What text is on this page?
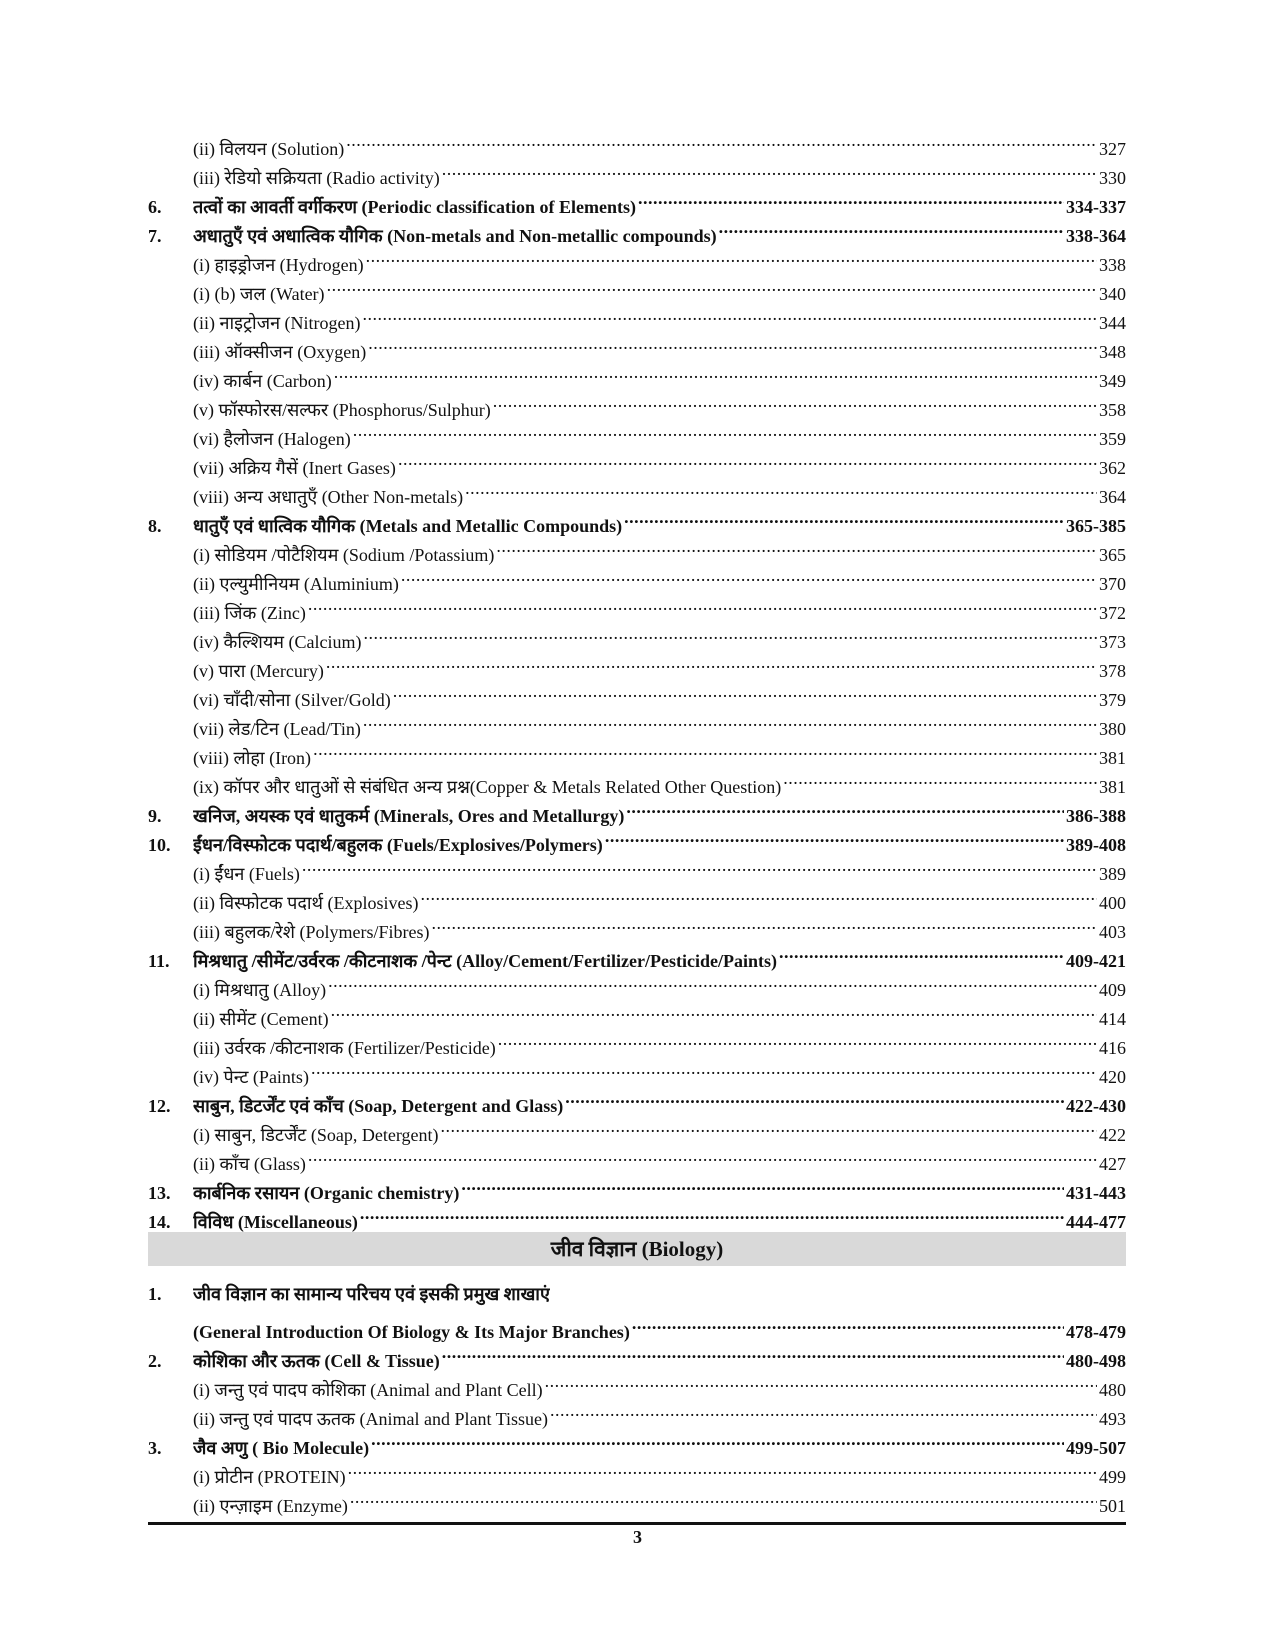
(ii) विलयन (Solution) .....	327
(iii) रेडियो सक्रियता (Radio activity) .....	330
6.	तत्वों का आवर्ती वर्गीकरण (Periodic classification of Elements) .....	334-337
7.	अधातुएँ एवं अधात्विक यौगिक (Non-metals and Non-metallic compounds) .....	338-364
(i) हाइड्रोजन (Hydrogen) .....	338
(i) (b) जल (Water) .....	340
(ii) नाइट्रोजन (Nitrogen) .....	344
(iii) ऑक्सीजन (Oxygen) .....	348
(iv) कार्बन (Carbon) .....	349
(v) फॉस्फोरस/सल्फर (Phosphorus/Sulphur) .....	358
(vi) हैलोजन (Halogen) .....	359
(vii) अक्रिय गैसें (Inert Gases) .....	362
(viii) अन्य अधातुएँ (Other Non-metals) .....	364
8.	धातुएँ एवं धात्विक यौगिक (Metals and Metallic Compounds) .....	365-385
(i) सोडियम /पोटैशियम (Sodium /Potassium) .....	365
(ii) एल्युमीनियम (Aluminium) .....	370
(iii) जिंक (Zinc) .....	372
(iv) कैल्शियम (Calcium) .....	373
(v) पारा (Mercury) .....	378
(vi) चाँदी/सोना (Silver/Gold) .....	379
(vii) लेड/टिन (Lead/Tin) .....	380
(viii) लोहा (Iron) .....	381
(ix) कॉपर और धातुओं से संबंधित अन्य प्रश्न(Copper & Metals Related Other Question) .....	381
9.	खनिज, अयस्क एवं धातुकर्म (Minerals, Ores and Metallurgy) .....	386-388
10.	ईंधन/विस्फोटक पदार्थ/बहुलक (Fuels/Explosives/Polymers) .....	389-408
(i) ईंधन (Fuels) .....	389
(ii) विस्फोटक पदार्थ (Explosives) .....	400
(iii) बहुलक/रेशे (Polymers/Fibres) .....	403
11.	मिश्रधातु /सीमेंट/उर्वरक /कीटनाशक /पेन्ट (Alloy/Cement/Fertilizer/Pesticide/Paints) .....	409-421
(i) मिश्रधातु (Alloy) .....	409
(ii) सीमेंट (Cement) .....	414
(iii) उर्वरक /कीटनाशक (Fertilizer/Pesticide) .....	416
(iv) पेन्ट (Paints) .....	420
12.	साबुन, डिटर्जेंट एवं काँच (Soap, Detergent and Glass) .....	422-430
(i) साबुन, डिटर्जेंट (Soap, Detergent) .....	422
(ii) काँच (Glass) .....	427
13.	कार्बनिक रसायन (Organic chemistry) .....	431-443
14.	विविध (Miscellaneous) .....	444-477
जीव विज्ञान (Biology)
1.	जीव विज्ञान का सामान्य परिचय एवं इसकी प्रमुख शाखाएं
(General Introduction Of Biology & Its Major Branches) .....	478-479
2.	कोशिका और ऊतक (Cell & Tissue) .....	480-498
(i) जन्तु एवं पादप कोशिका (Animal and Plant Cell) .....	480
(ii) जन्तु एवं पादप ऊतक (Animal and Plant Tissue) .....	493
3.	जैव अणु ( Bio Molecule) .....	499-507
(i) प्रोटीन (PROTEIN) .....	499
(ii) एन्ज़ाइम (Enzyme) .....	501
3
